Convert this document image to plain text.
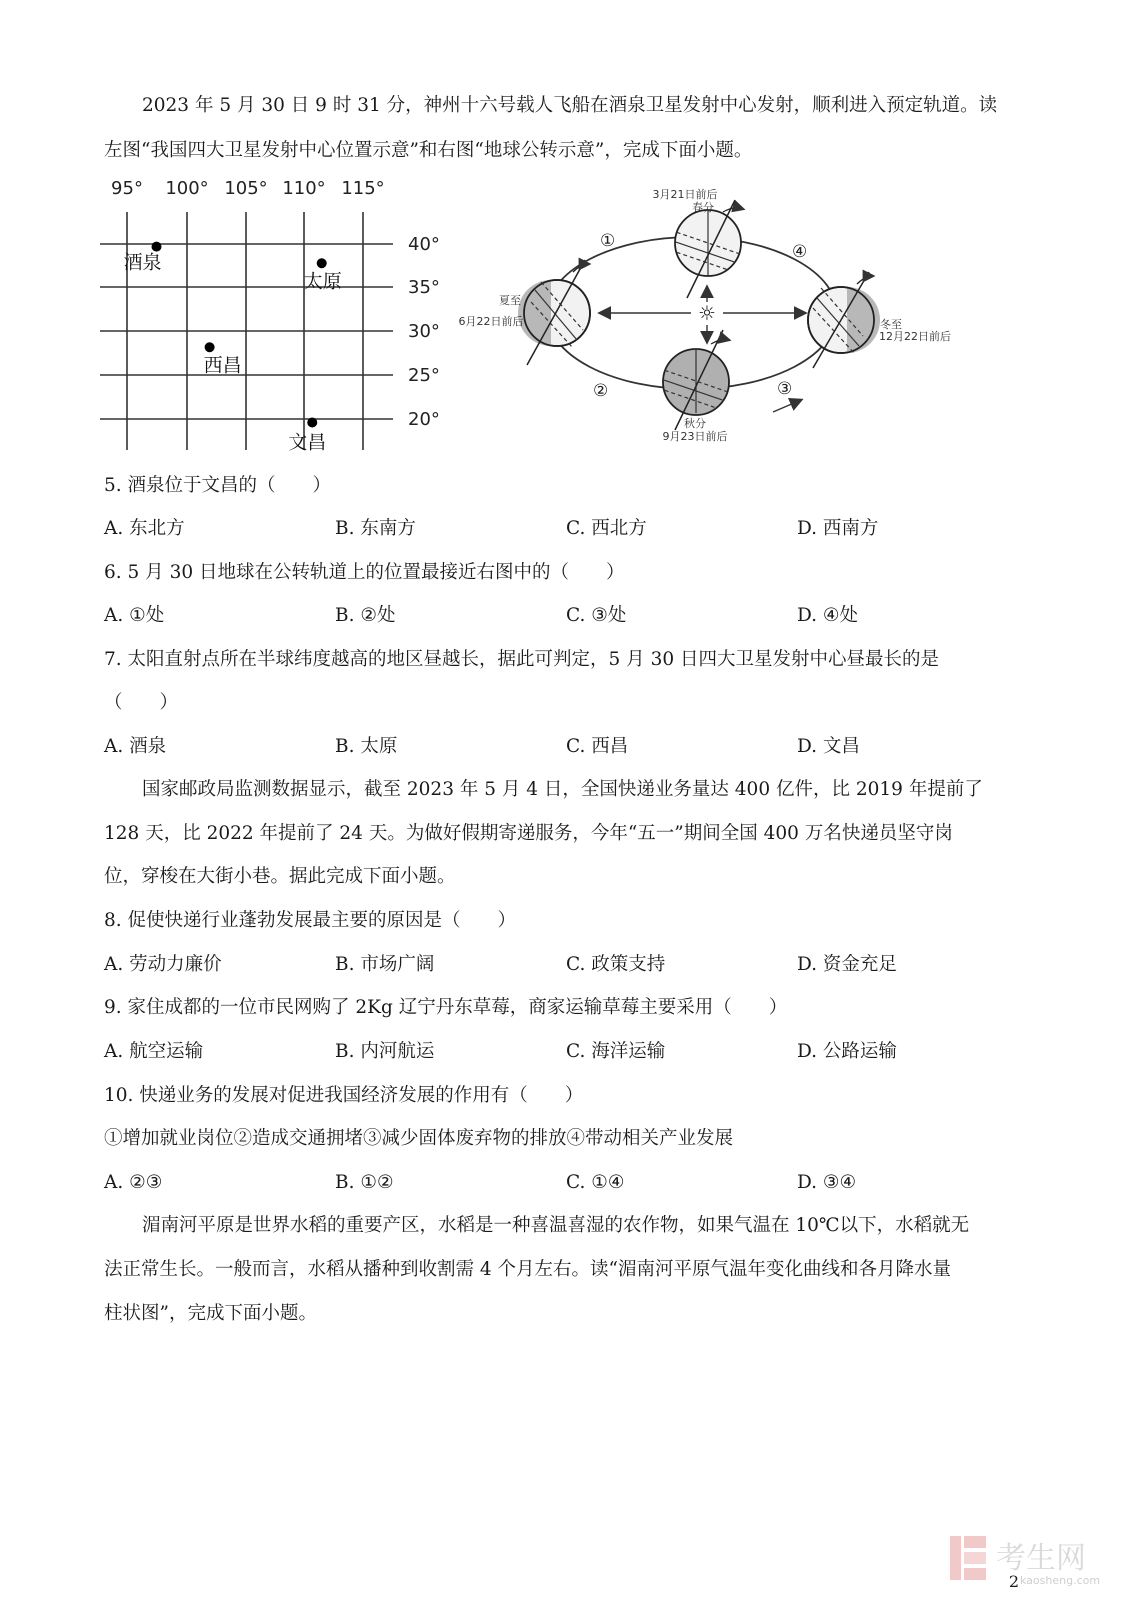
2023 年 5 月 30 日 9 时 31 分，神州十六号载人飞船在酒泉卫星发射中心发射，顺利进入预定轨道。读
左图“我国四大卫星发射中心位置示意”和右图“地球公转示意”，完成下面小题。
95° 100° 105° 110° 115°
40°
35°
30°
25°
20°
酒泉
太原
西昌
文昌
☼
3月21日前后
春分
夏至
6月22日前后	冬至
12月22日前后
秋分
9月23日前后
①
②	③
④
5. 酒泉位于文昌的（　　）
A. 东北方	B. 东南方	C. 西北方	D. 西南方
6. 5 月 30 日地球在公转轨道上的位置最接近右图中的（　　）
A. ①处	B. ②处	C. ③处	D. ④处
7. 太阳直射点所在半球纬度越高的地区昼越长，据此可判定，5 月 30 日四大卫星发射中心昼最长的是
（　　）
A. 酒泉	B. 太原	C. 西昌	D. 文昌
国家邮政局监测数据显示，截至 2023 年 5 月 4 日，全国快递业务量达 400 亿件，比 2019 年提前了
128 天，比 2022 年提前了 24 天。为做好假期寄递服务，今年“五一”期间全国 400 万名快递员坚守岗
位，穿梭在大街小巷。据此完成下面小题。
8. 促使快递行业蓬勃发展最主要的原因是（　　）
A. 劳动力廉价	B. 市场广阔	C. 政策支持	D. 资金充足
9. 家住成都的一位市民网购了 2Kg 辽宁丹东草莓，商家运输草莓主要采用（　　）
A. 航空运输	B. 内河航运	C. 海洋运输	D. 公路运输
10. 快递业务的发展对促进我国经济发展的作用有（　　）
①增加就业岗位②造成交通拥堵③减少固体废弃物的排放④带动相关产业发展
A. ②③	B. ①②	C. ①④	D. ③④
湄南河平原是世界水稻的重要产区，水稻是一种喜温喜湿的农作物，如果气温在 10℃以下，水稻就无
法正常生长。一般而言，水稻从播种到收割需 4 个月左右。读“湄南河平原气温年变化曲线和各月降水量
柱状图”，完成下面小题。
考生网
kaosheng.com
2
